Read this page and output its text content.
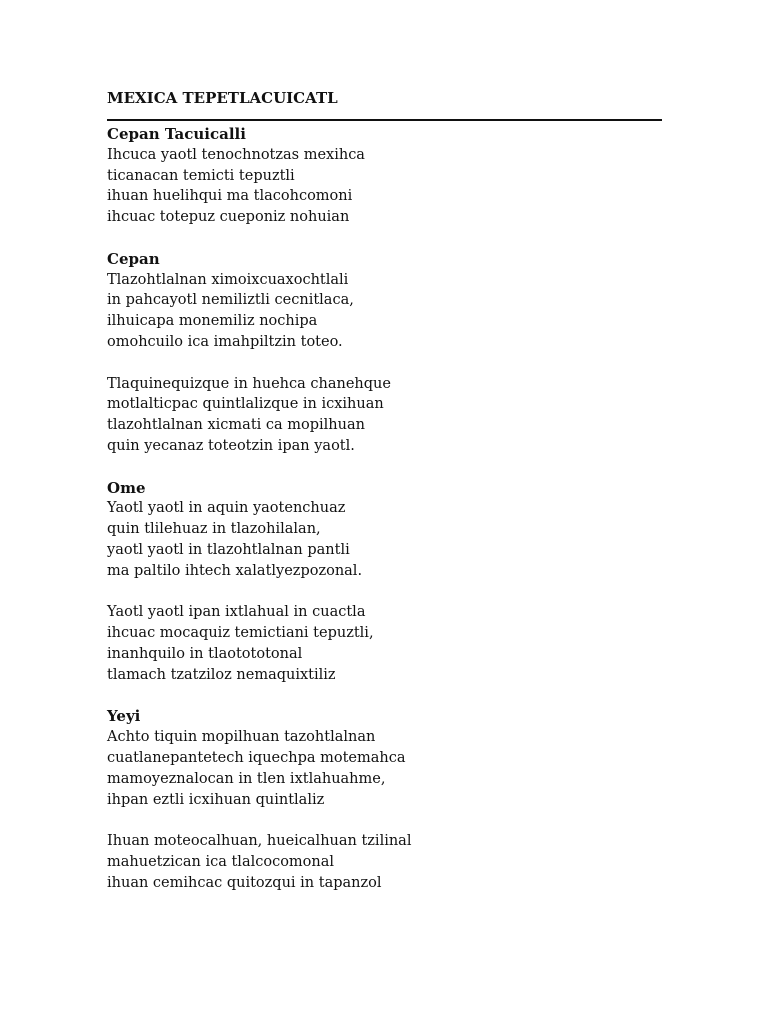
MEXICA TEPETLACUICATL
Cepan Tacuicalli
Ihcuca yaotl tenochnotzas mexihca
ticanacan temicti tepuztli
ihuan huelihqui ma tlacohcomoni
ihcuac totepuz cueponiz nohuian
Cepan
Tlazohtlalnan ximoixcuaxochtlali
in pahcayotl nemiliztli cecnitlaca,
ilhuicapa monemiliz nochipa
omohcuilo ica imahpiltzin toteo.
Tlaquinequizque in huehca chanehque
motlalticpac quintlalizque in icxihuan
tlazohtlalnan xicmati ca mopilhuan
quin yecanaz toteotzin ipan yaotl.
Ome
Yaotl yaotl in aquin yaotenchuaz
quin tlilehuaz in tlazohilalan,
yaotl yaotl in tlazohtlalnan pantli
ma paltilo ihtech xalatlyezpozonal.
Yaotl yaotl ipan ixtlahual in cuactla
ihcuac mocaquiz temictiani tepuztli,
inanhquilo in tlaotototonal
tlamach tzatziloz nemaquixtiliz
Yeyi
Achto tiquin mopilhuan tazohtlalnan
cuatlanepantetech iquechpa motemahca
mamoyeznalocan in tlen ixtlahuahme,
ihpan eztli icxihuan quintlaliz
Ihuan moteocalhuan, hueicalhuan tzilinal
mahuetzican ica tlalcocomonal
ihuan cemihcac quitozqui in tapanzol
